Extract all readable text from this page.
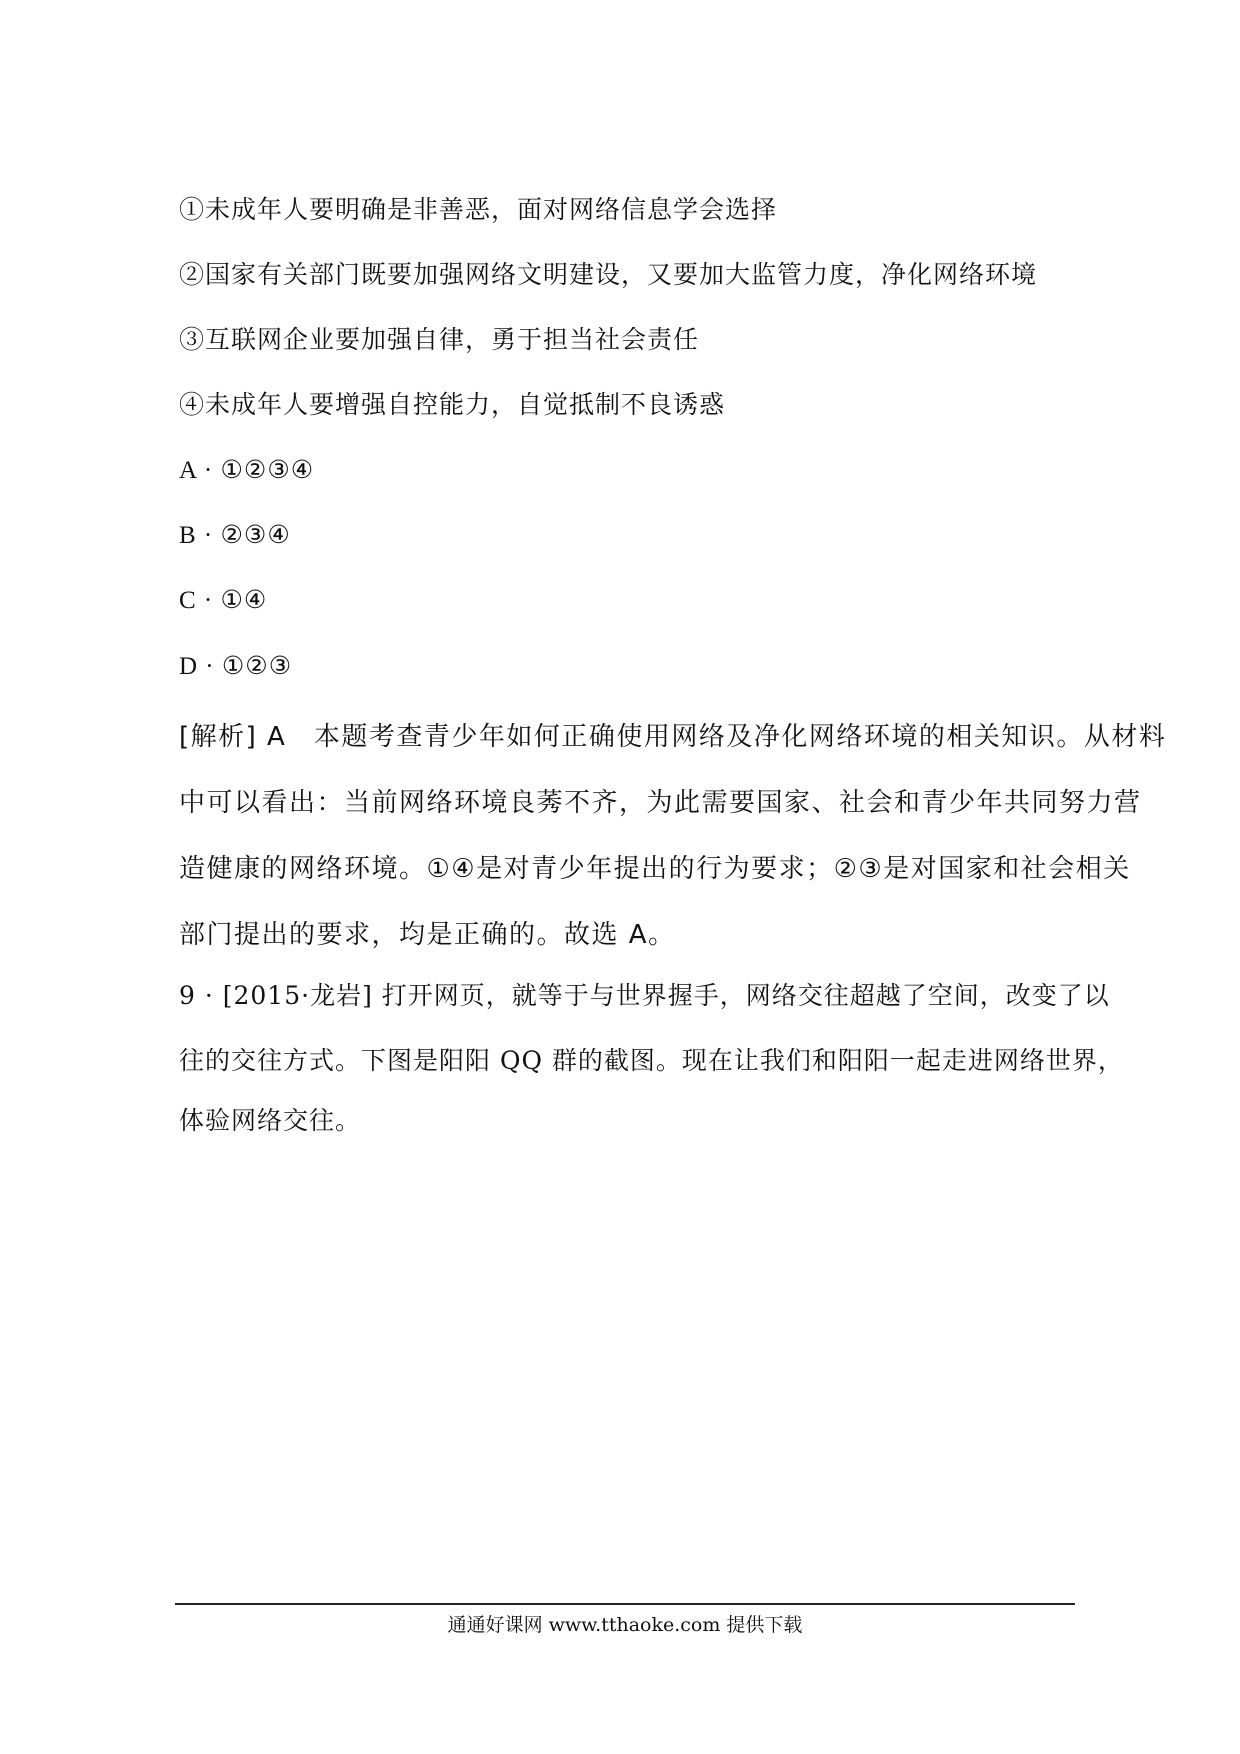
①未成年人要明确是非善恶，面对网络信息学会选择
②国家有关部门既要加强网络文明建设，又要加大监管力度，净化网络环境
③互联网企业要加强自律，勇于担当社会责任
④未成年人要增强自控能力，自觉抵制不良诱惑
A · ①②③④
B · ②③④
C · ①④
D · ①②③
[解析] A　本题考查青少年如何正确使用网络及净化网络环境的相关知识。从材料
中可以看出：当前网络环境良莠不齐，为此需要国家、社会和青少年共同努力营
造健康的网络环境。①④是对青少年提出的行为要求；②③是对国家和社会相关
部门提出的要求，均是正确的。故选 A。
9 · [2015·龙岩] 打开网页，就等于与世界握手，网络交往超越了空间，改变了以
往的交往方式。下图是阳阳 QQ 群的截图。现在让我们和阳阳一起走进网络世界，
体验网络交往。
通通好课网 www.tthaoke.com 提供下载
